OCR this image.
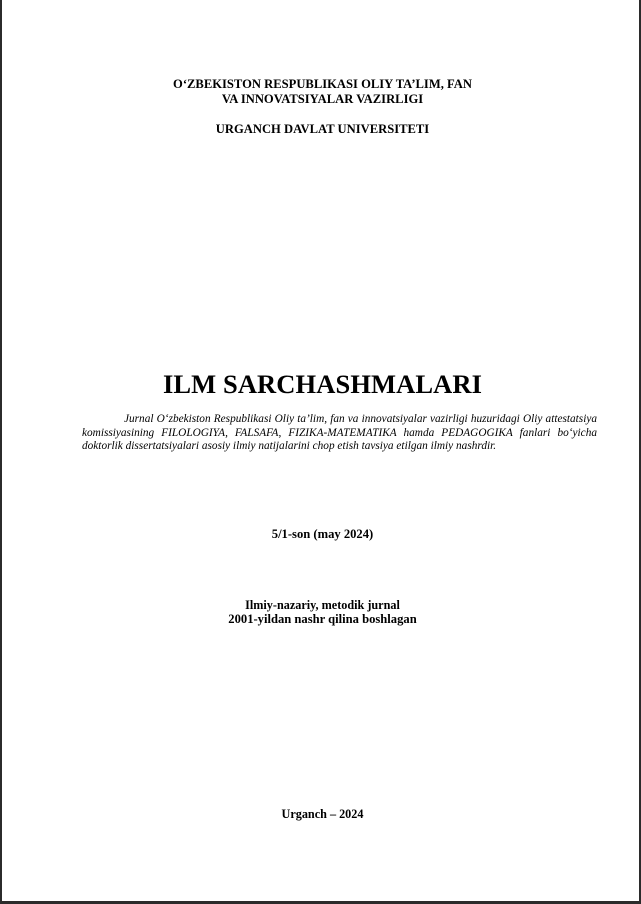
O‘ZBEKISTON RESPUBLIKASI OLIY TA’LIM, FAN
VA INNOVATSIYALAR VAZIRLIGI
URGANCH DAVLAT UNIVERSITETI
ILM SARCHASHMALARI

Jurnal O‘zbekiston Respublikasi Oliy ta’lim, fan va innovatsiyalar vazirligi huzuridagi Oliy attestatsiya komissiyasining FILOLOGIYA, FALSAFA, FIZIKA-MATEMATIKA hamda PEDAGOGIKA fanlari bo‘yicha doktorlik dissertatsiyalari asosiy ilmiy natijalarini chop etish tavsiya etilgan ilmiy nashrdir.

5/1-son (may 2024)
Ilmiy-nazariy, metodik jurnal
2001-yildan nashr qilina boshlagan
Urganch – 2024
